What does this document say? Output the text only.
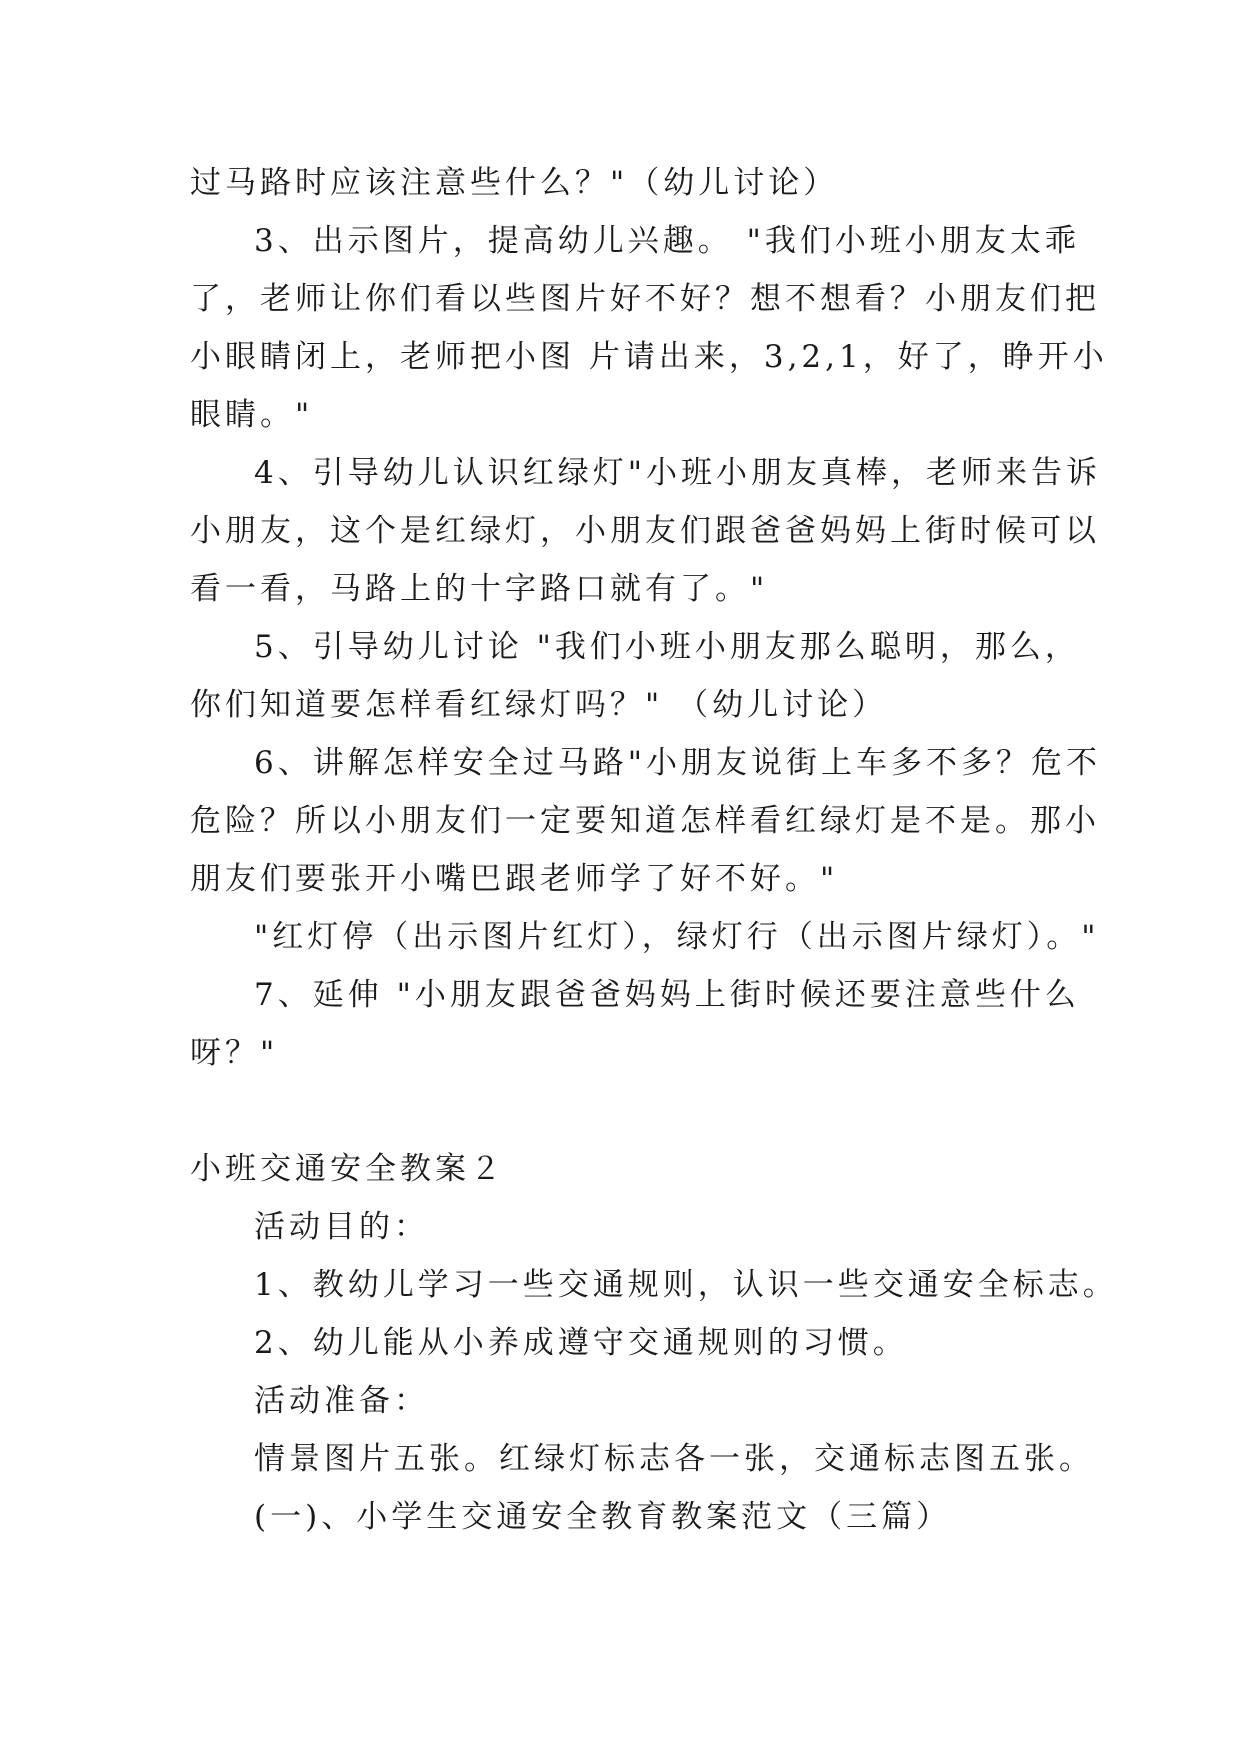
过马路时应该注意些什么？"（幼儿讨论）
3、出示图片，提高幼儿兴趣。 "我们小班小朋友太乖
了，老师让你们看以些图片好不好？想不想看？小朋友们把
小眼睛闭上，老师把小图 片请出来，3,2,1，好了，睁开小
眼睛。"
4、引导幼儿认识红绿灯"小班小朋友真棒，老师来告诉
小朋友，这个是红绿灯，小朋友们跟爸爸妈妈上街时候可以
看一看，马路上的十字路口就有了。"
5、引导幼儿讨论 "我们小班小朋友那么聪明，那么，
你们知道要怎样看红绿灯吗？" （幼儿讨论）
6、讲解怎样安全过马路"小朋友说街上车多不多？危不
危险？所以小朋友们一定要知道怎样看红绿灯是不是。那小
朋友们要张开小嘴巴跟老师学了好不好。"
"红灯停（出示图片红灯），绿灯行（出示图片绿灯）。"
7、延伸 "小朋友跟爸爸妈妈上街时候还要注意些什么
呀？"
小班交通安全教案２
活动目的：
1、教幼儿学习一些交通规则，认识一些交通安全标志。
2、幼儿能从小养成遵守交通规则的习惯。
活动准备：
情景图片五张。红绿灯标志各一张，交通标志图五张。
(一)、小学生交通安全教育教案范文（三篇）
